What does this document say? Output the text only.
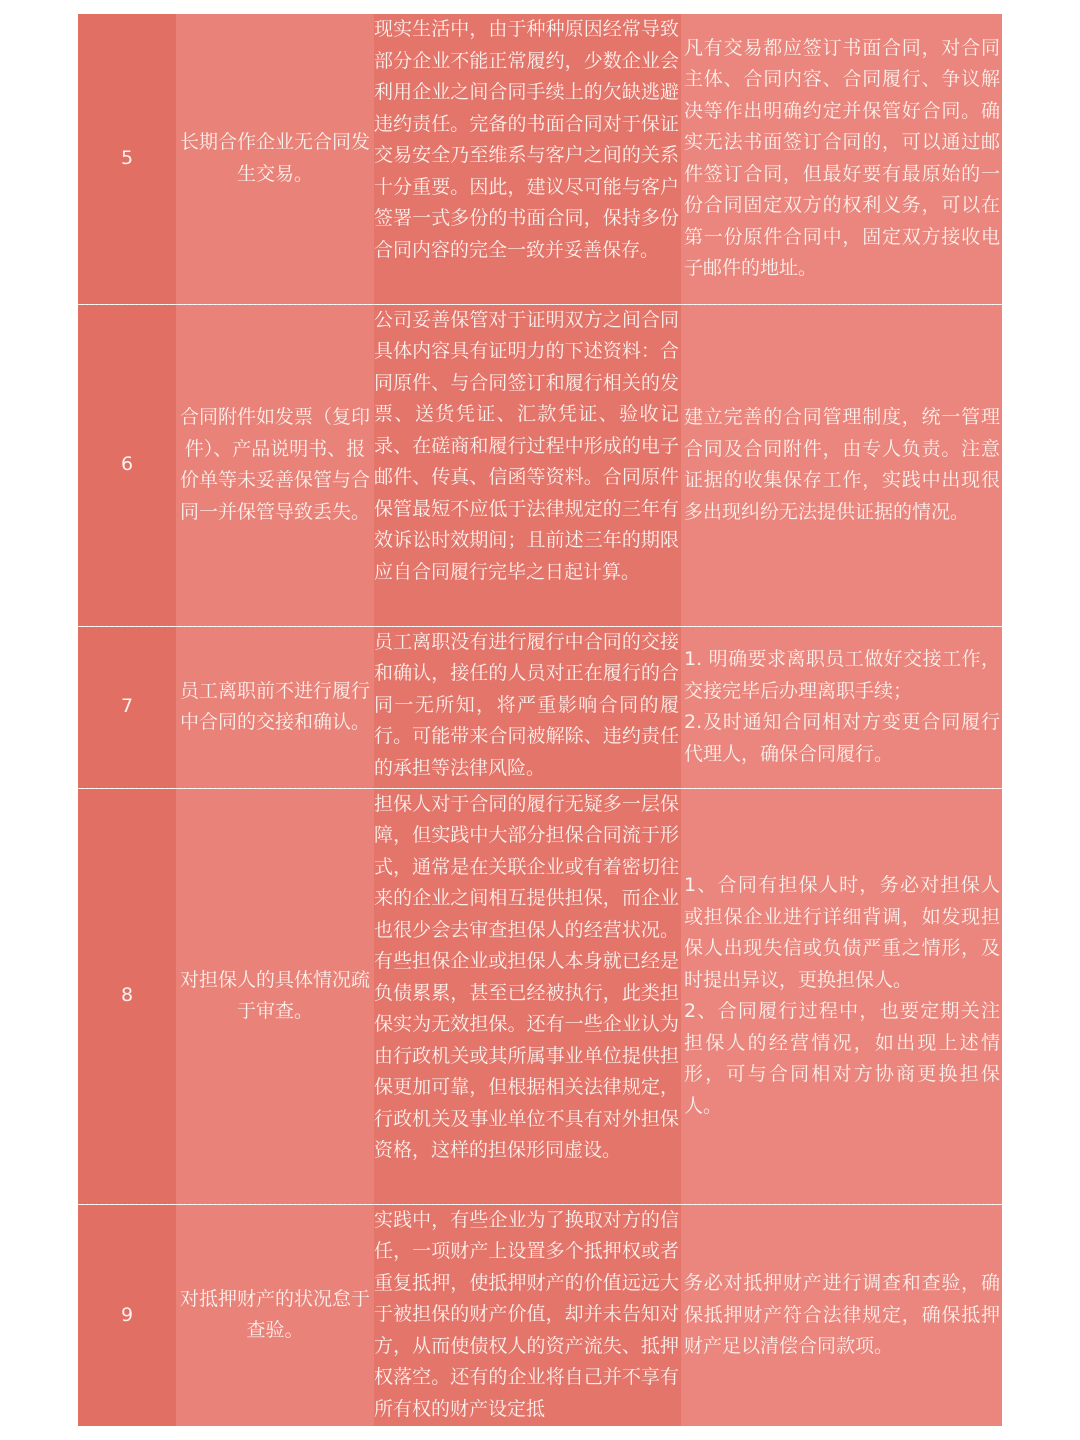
5	长期合作企业无合同发生交易。	现实生活中，由于种种原因经常导致部分企业不能正常履约，少数企业会利用企业之间合同手续上的欠缺逃避违约责任。完备的书面合同对于保证交易安全乃至维系与客户之间的关系十分重要。因此，建议尽可能与客户签署一式多份的书面合同，保持多份合同内容的完全一致并妥善保存。	凡有交易都应签订书面合同，对合同主体、合同内容、合同履行、争议解决等作出明确约定并保管好合同。确实无法书面签订合同的，可以通过邮件签订合同，但最好要有最原始的一份合同固定双方的权利义务，可以在第一份原件合同中，固定双方接收电子邮件的地址。

6	合同附件如发票（复印件）、产品说明书、报价单等未妥善保管与合同一并保管导致丢失。	公司妥善保管对于证明双方之间合同具体内容具有证明力的下述资料：合同原件、与合同签订和履行相关的发票、送货凭证、汇款凭证、验收记录、在磋商和履行过程中形成的电子邮件、传真、信函等资料。合同原件保管最短不应低于法律规定的三年有效诉讼时效期间；且前述三年的期限应自合同履行完毕之日起计算。	建立完善的合同管理制度，统一管理合同及合同附件，由专人负责。注意证据的收集保存工作，实践中出现很多出现纠纷无法提供证据的情况。

7	员工离职前不进行履行中合同的交接和确认。	员工离职没有进行履行中合同的交接和确认，接任的人员对正在履行的合同一无所知，将严重影响合同的履行。可能带来合同被解除、违约责任的承担等法律风险。	1. 明确要求离职员工做好交接工作，交接完毕后办理离职手续；
2.及时通知合同相对方变更合同履行代理人，确保合同履行。

8	对担保人的具体情况疏于审查。	担保人对于合同的履行无疑多一层保障，但实践中大部分担保合同流于形式，通常是在关联企业或有着密切往来的企业之间相互提供担保，而企业也很少会去审查担保人的经营状况。有些担保企业或担保人本身就已经是负债累累，甚至已经被执行，此类担保实为无效担保。还有一些企业认为由行政机关或其所属事业单位提供担保更加可靠，但根据相关法律规定，行政机关及事业单位不具有对外担保资格，这样的担保形同虚设。	1、合同有担保人时，务必对担保人或担保企业进行详细背调，如发现担保人出现失信或负债严重之情形，及时提出异议，更换担保人。
2、合同履行过程中，也要定期关注担保人的经营情况，如出现上述情形，可与合同相对方协商更换担保人。

9	对抵押财产的状况怠于查验。	实践中，有些企业为了换取对方的信任，一项财产上设置多个抵押权或者重复抵押，使抵押财产的价值远远大于被担保的财产价值，却并未告知对方，从而使债权人的资产流失、抵押权落空。还有的企业将自己并不享有所有权的财产设定抵	务必对抵押财产进行调查和查验，确保抵押财产符合法律规定，确保抵押财产足以清偿合同款项。
